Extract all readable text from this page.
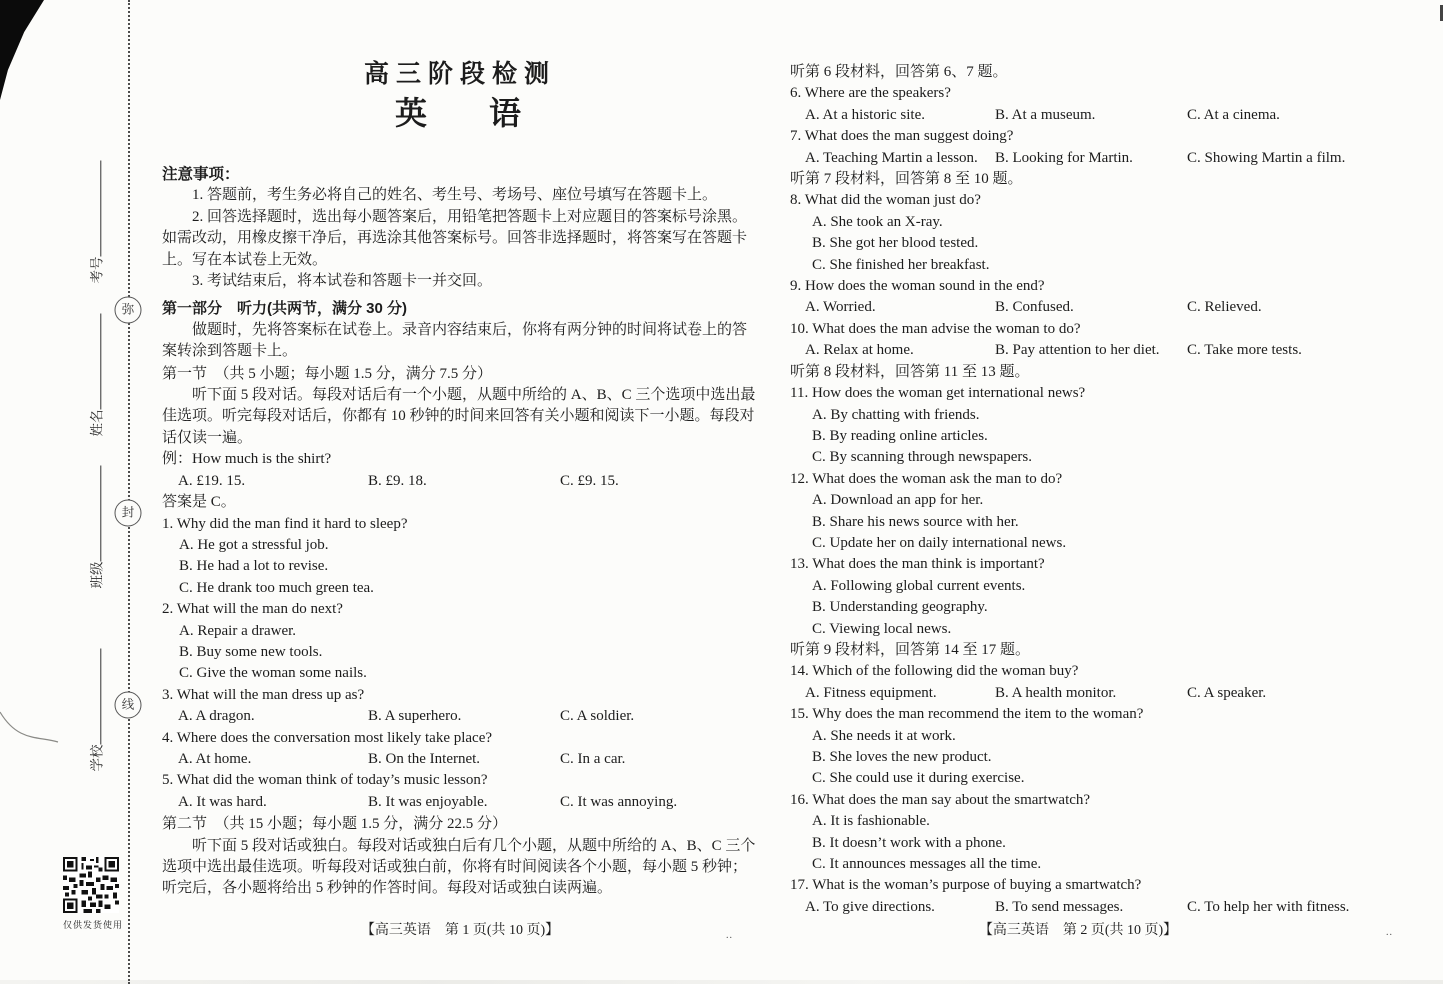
考号
姓名
班级
学校
弥
封
线
仅供发货使用
高三阶段检测
英语
注意事项：

1. 答题前，考生务必将自己的姓名、考生号、考场号、座位号填写在答题卡上。

2. 回答选择题时，选出每小题答案后，用铅笔把答题卡上对应题目的答案标号涂黑。如需改动，用橡皮擦干净后，再选涂其他答案标号。回答非选择题时，将答案写在答题卡上。写在本试卷上无效。

3. 考试结束后，将本试卷和答题卡一并交回。

第一部分　听力(共两节，满分 30 分)

做题时，先将答案标在试卷上。录音内容结束后，你将有两分钟的时间将试卷上的答案转涂到答题卡上。

第一节　（共 5 小题；每小题 1.5 分，满分 7.5 分）

听下面 5 段对话。每段对话后有一个小题，从题中所给的 A、B、C 三个选项中选出最佳选项。听完每段对话后，你都有 10 秒钟的时间来回答有关小题和阅读下一小题。每段对话仅读一遍。

例：How much is the shirt?

A. £19. 15.	B. £9. 18.	C. £9. 15.

答案是 C。

1. Why did the man find it hard to sleep?
A. He got a stressful job.
B. He had a lot to revise.
C. He drank too much green tea.
2. What will the man do next?
A. Repair a drawer.
B. Buy some new tools.
C. Give the woman some nails.
3. What will the man dress up as?
A. A dragon.	B. A superhero.	C. A soldier.
4. Where does the conversation most likely take place?
A. At home.	B. On the Internet.	C. In a car.
5. What did the woman think of today’s music lesson?
A. It was hard.	B. It was enjoyable.	C. It was annoying.
第二节　（共 15 小题；每小题 1.5 分，满分 22.5 分）

听下面 5 段对话或独白。每段对话或独白后有几个小题，从题中所给的 A、B、C 三个选项中选出最佳选项。听每段对话或独白前，你将有时间阅读各个小题，每小题 5 秒钟；听完后，各小题将给出 5 秒钟的作答时间。每段对话或独白读两遍。

听第 6 段材料，回答第 6、7 题。
6. Where are the speakers?
A. At a historic site.	B. At a museum.	C. At a cinema.
7. What does the man suggest doing?
A. Teaching Martin a lesson.	B. Looking for Martin.	C. Showing Martin a film.
听第 7 段材料，回答第 8 至 10 题。
8. What did the woman just do?
A. She took an X-ray.
B. She got her blood tested.
C. She finished her breakfast.
9. How does the woman sound in the end?
A. Worried.	B. Confused.	C. Relieved.
10. What does the man advise the woman to do?
A. Relax at home.	B. Pay attention to her diet.	C. Take more tests.
听第 8 段材料，回答第 11 至 13 题。
11. How does the woman get international news?
A. By chatting with friends.
B. By reading online articles.
C. By scanning through newspapers.
12. What does the woman ask the man to do?
A. Download an app for her.
B. Share his news source with her.
C. Update her on daily international news.
13. What does the man think is important?
A. Following global current events.
B. Understanding geography.
C. Viewing local news.
听第 9 段材料，回答第 14 至 17 题。
14. Which of the following did the woman buy?
A. Fitness equipment.	B. A health monitor.	C. A speaker.
15. Why does the man recommend the item to the woman?
A. She needs it at work.
B. She loves the new product.
C. She could use it during exercise.
16. What does the man say about the smartwatch?
A. It is fashionable.
B. It doesn’t work with a phone.
C. It announces messages all the time.
17. What is the woman’s purpose of buying a smartwatch?
A. To give directions.	B. To send messages.	C. To help her with fitness.
【高三英语　第 1 页(共 10 页)】	【高三英语　第 2 页(共 10 页)】
..	..
